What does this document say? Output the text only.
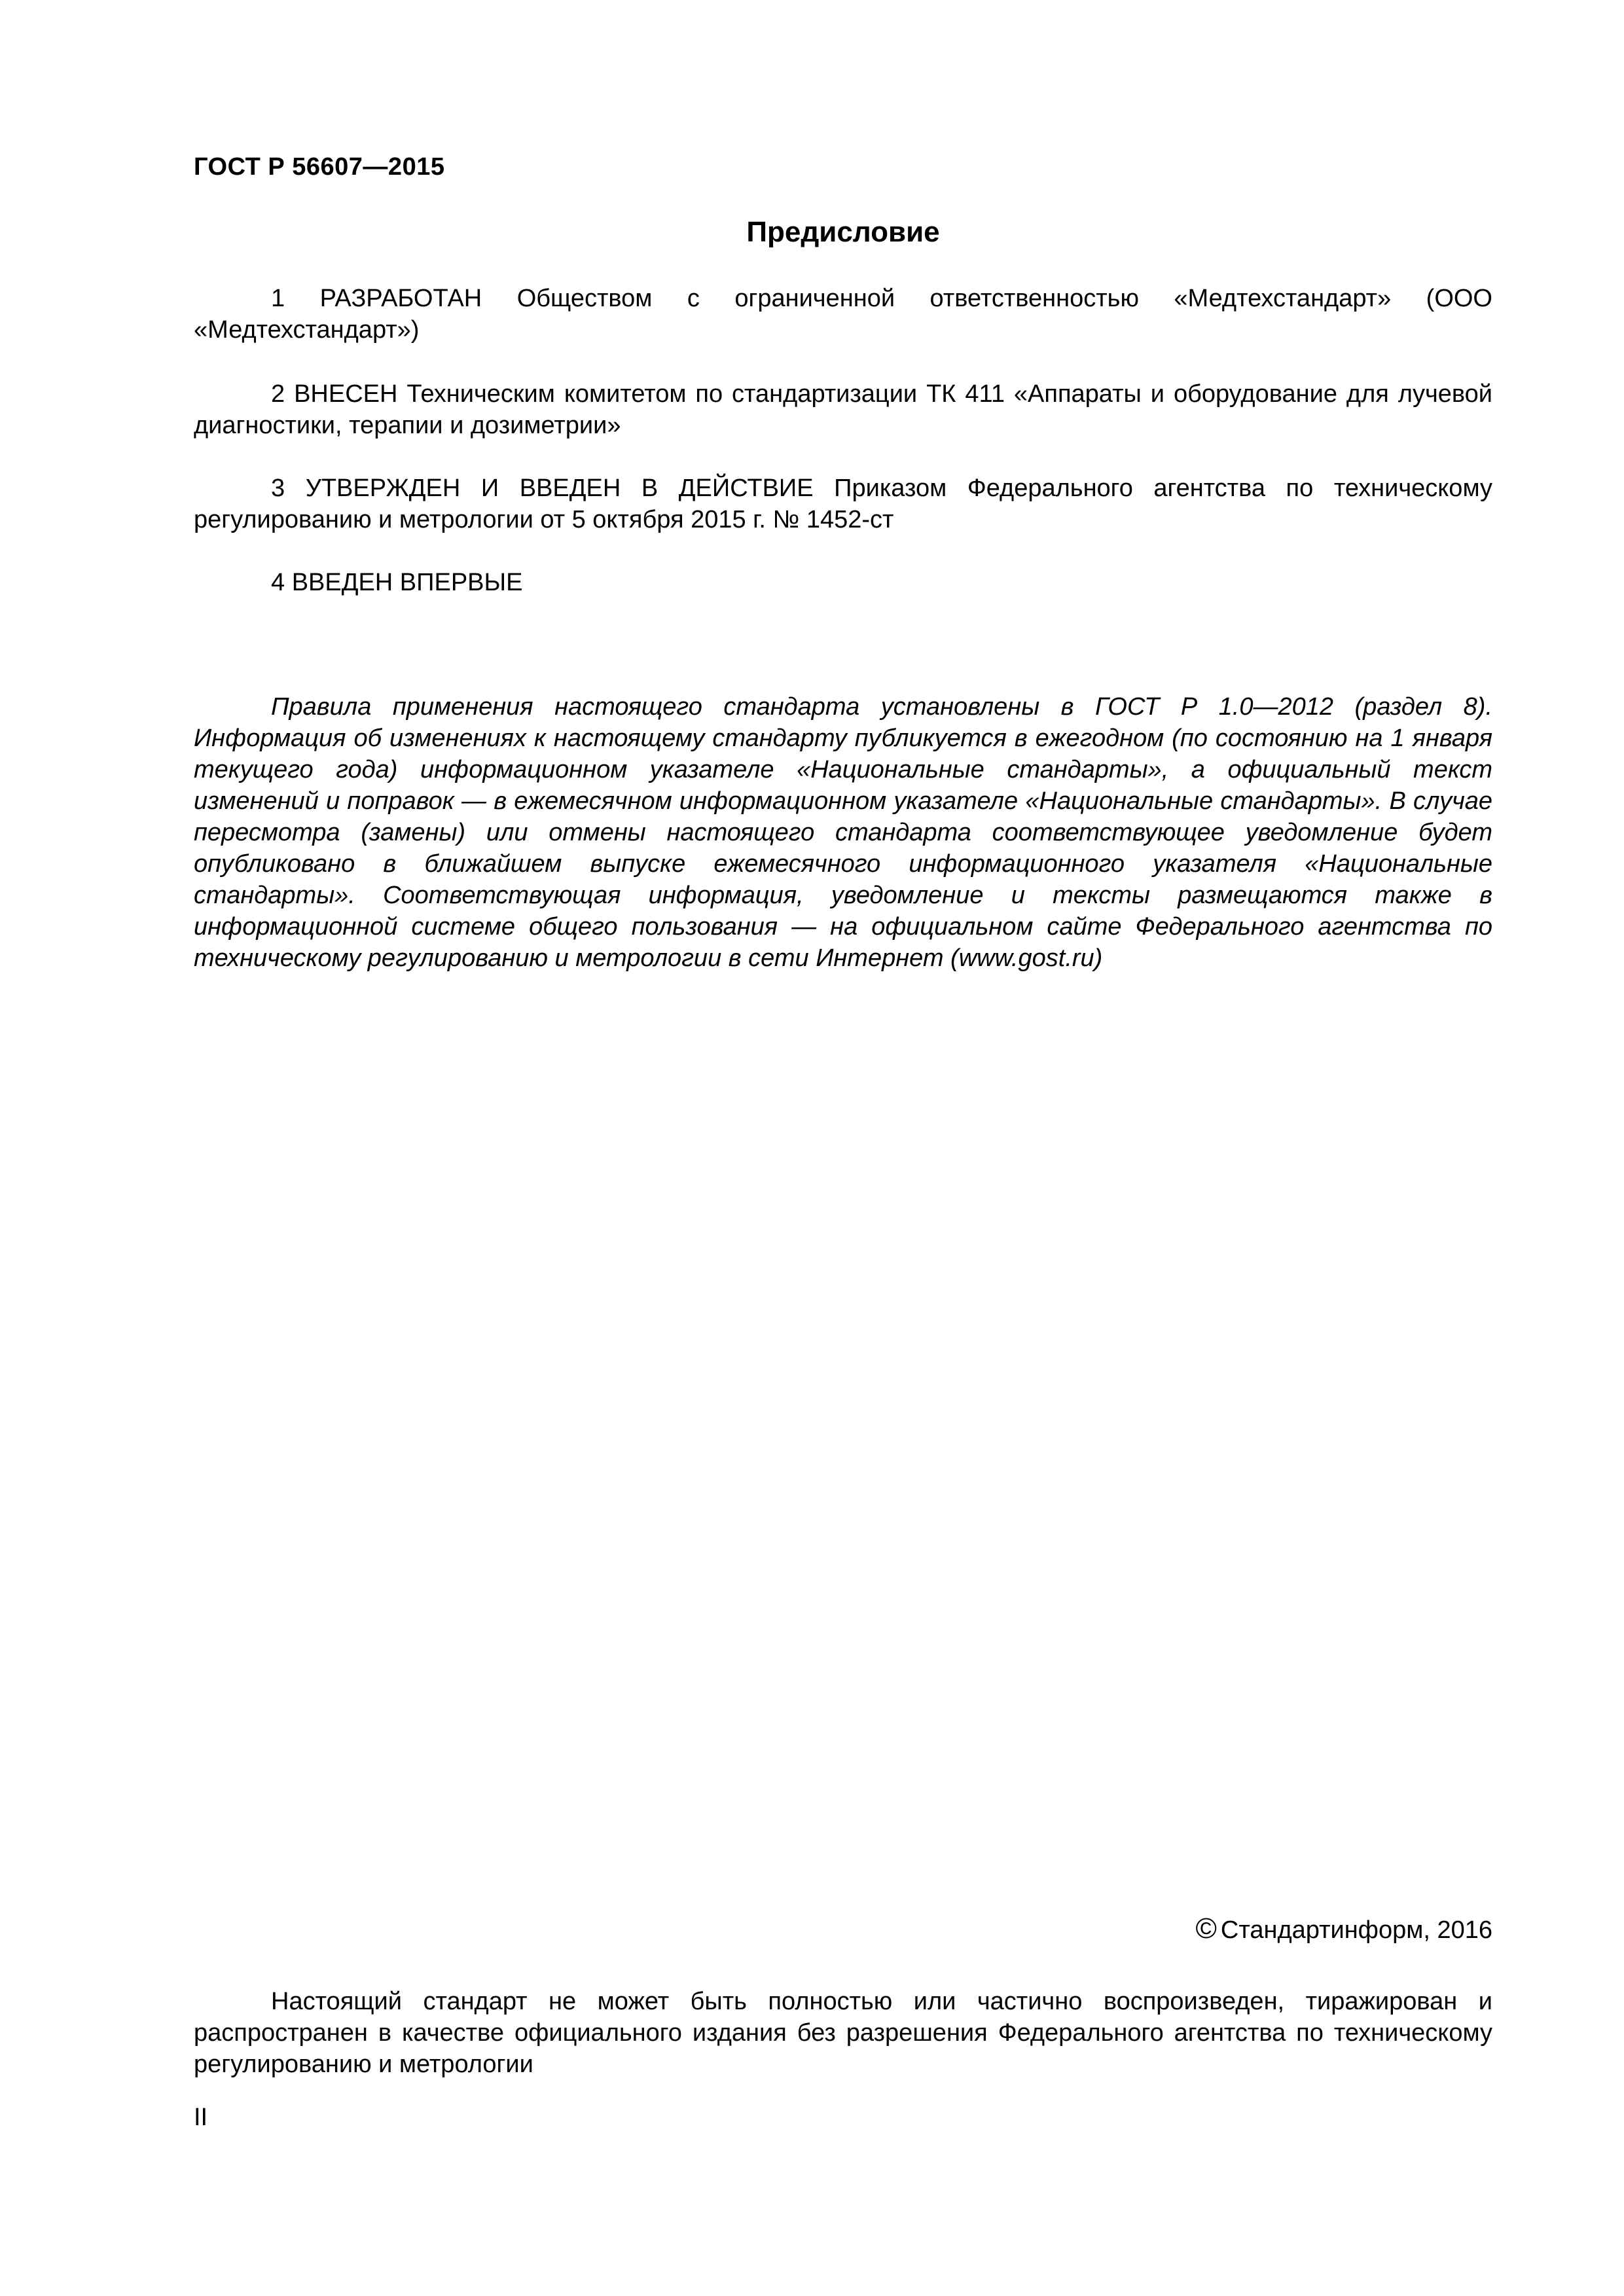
ГОСТ Р 56607—2015
Предисловие
1 РАЗРАБОТАН Обществом с ограниченной ответственностью «Медтехстандарт» (ООО «Медтехстандарт»)
2 ВНЕСЕН Техническим комитетом по стандартизации ТК 411 «Аппараты и оборудование для лучевой диагностики, терапии и дозиметрии»
3 УТВЕРЖДЕН И ВВЕДЕН В ДЕЙСТВИЕ Приказом Федерального агентства по техническому регулированию и метрологии от 5 октября 2015 г. № 1452-ст
4 ВВЕДЕН ВПЕРВЫЕ
Правила применения настоящего стандарта установлены в ГОСТ Р 1.0—2012 (раздел 8). Информация об изменениях к настоящему стандарту публикуется в ежегодном (по состоянию на 1 января текущего года) информационном указателе «Национальные стандарты», а официальный текст изменений и поправок — в ежемесячном информационном указателе «Национальные стандарты». В случае пересмотра (замены) или отмены настоящего стандарта соответствующее уведомление будет опубликовано в ближайшем выпуске ежемесячного информационного указателя «Национальные стандарты». Соответствующая информация, уведомление и тексты размещаются также в информационной системе общего пользования — на официальном сайте Федерального агентства по техническому регулированию и метрологии в сети Интернет (www.gost.ru)
© Стандартинформ, 2016
Настоящий стандарт не может быть полностью или частично воспроизведен, тиражирован и распространен в качестве официального издания без разрешения Федерального агентства по техническому регулированию и метрологии
II
